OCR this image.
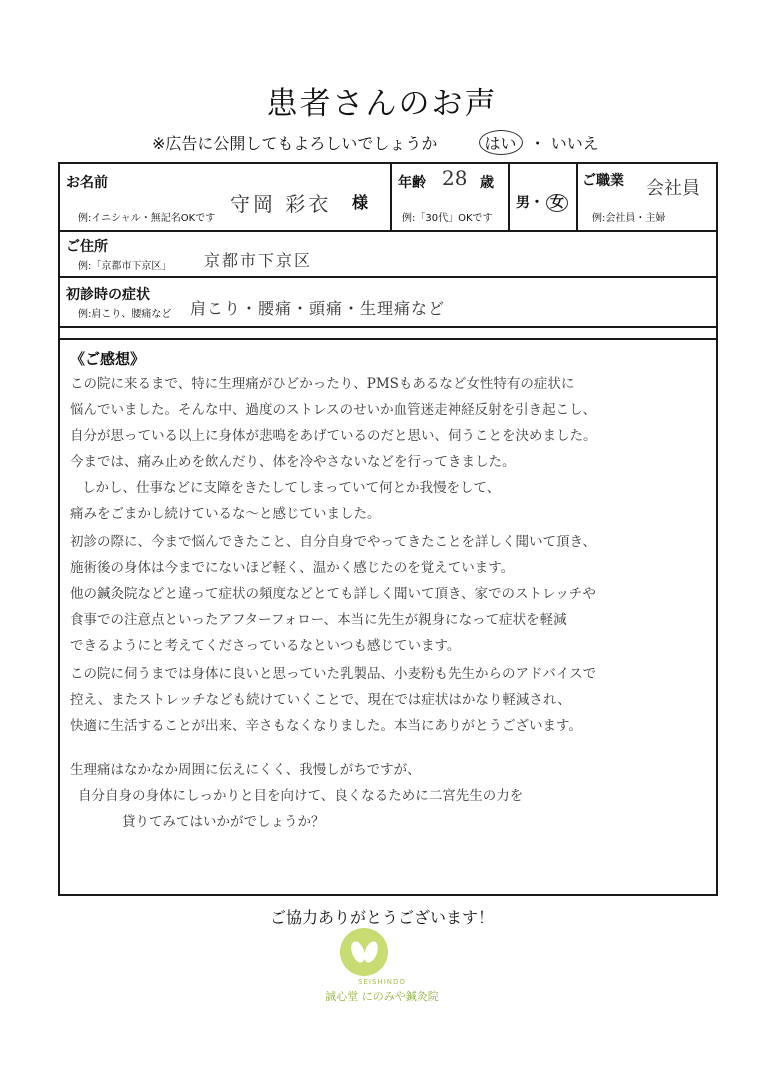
患者さんのお声
※広告に公開してもよろしいでしょうか	はい ・ いいえ
お名前
例:イニシャル・無記名OKです
守岡 彩衣 様
年齢 28 歳
例:「30代」OKです
男・ 女
ご職業 会社員
例:会社員・主婦
ご住所
例:「京都市下京区」 京都市下京区
初診時の症状
例:肩こり、腰痛など 肩こり・腰痛・頭痛・生理痛など
《ご感想》
この院に来るまで、特に生理痛がひどかったり、PMSもあるなど女性特有の症状に
悩んでいました。そんな中、過度のストレスのせいか血管迷走神経反射を引き起こし、
自分が思っている以上に身体が悲鳴をあげているのだと思い、伺うことを決めました。
今までは、痛み止めを飲んだり、体を冷やさないなどを行ってきました。
しかし、仕事などに支障をきたしてしまっていて何とか我慢をして、
痛みをごまかし続けているな〜と感じていました。
初診の際に、今まで悩んできたこと、自分自身でやってきたことを詳しく聞いて頂き、
施術後の身体は今までにないほど軽く、温かく感じたのを覚えています。
他の鍼灸院などと違って症状の頻度などとても詳しく聞いて頂き、家でのストレッチや
食事での注意点といったアフターフォロー、本当に先生が親身になって症状を軽減
できるようにと考えてくださっているなといつも感じています。
この院に伺うまでは身体に良いと思っていた乳製品、小麦粉も先生からのアドバイスで
控え、またストレッチなども続けていくことで、現在では症状はかなり軽減され、
快適に生活することが出来、辛さもなくなりました。本当にありがとうございます。
生理痛はなかなか周囲に伝えにくく、我慢しがちですが、
自分自身の身体にしっかりと目を向けて、良くなるために二宮先生の力を
貸りてみてはいかがでしょうか？
ご協力ありがとうございます！
SEISHINDO
誠心堂 にのみや鍼灸院
